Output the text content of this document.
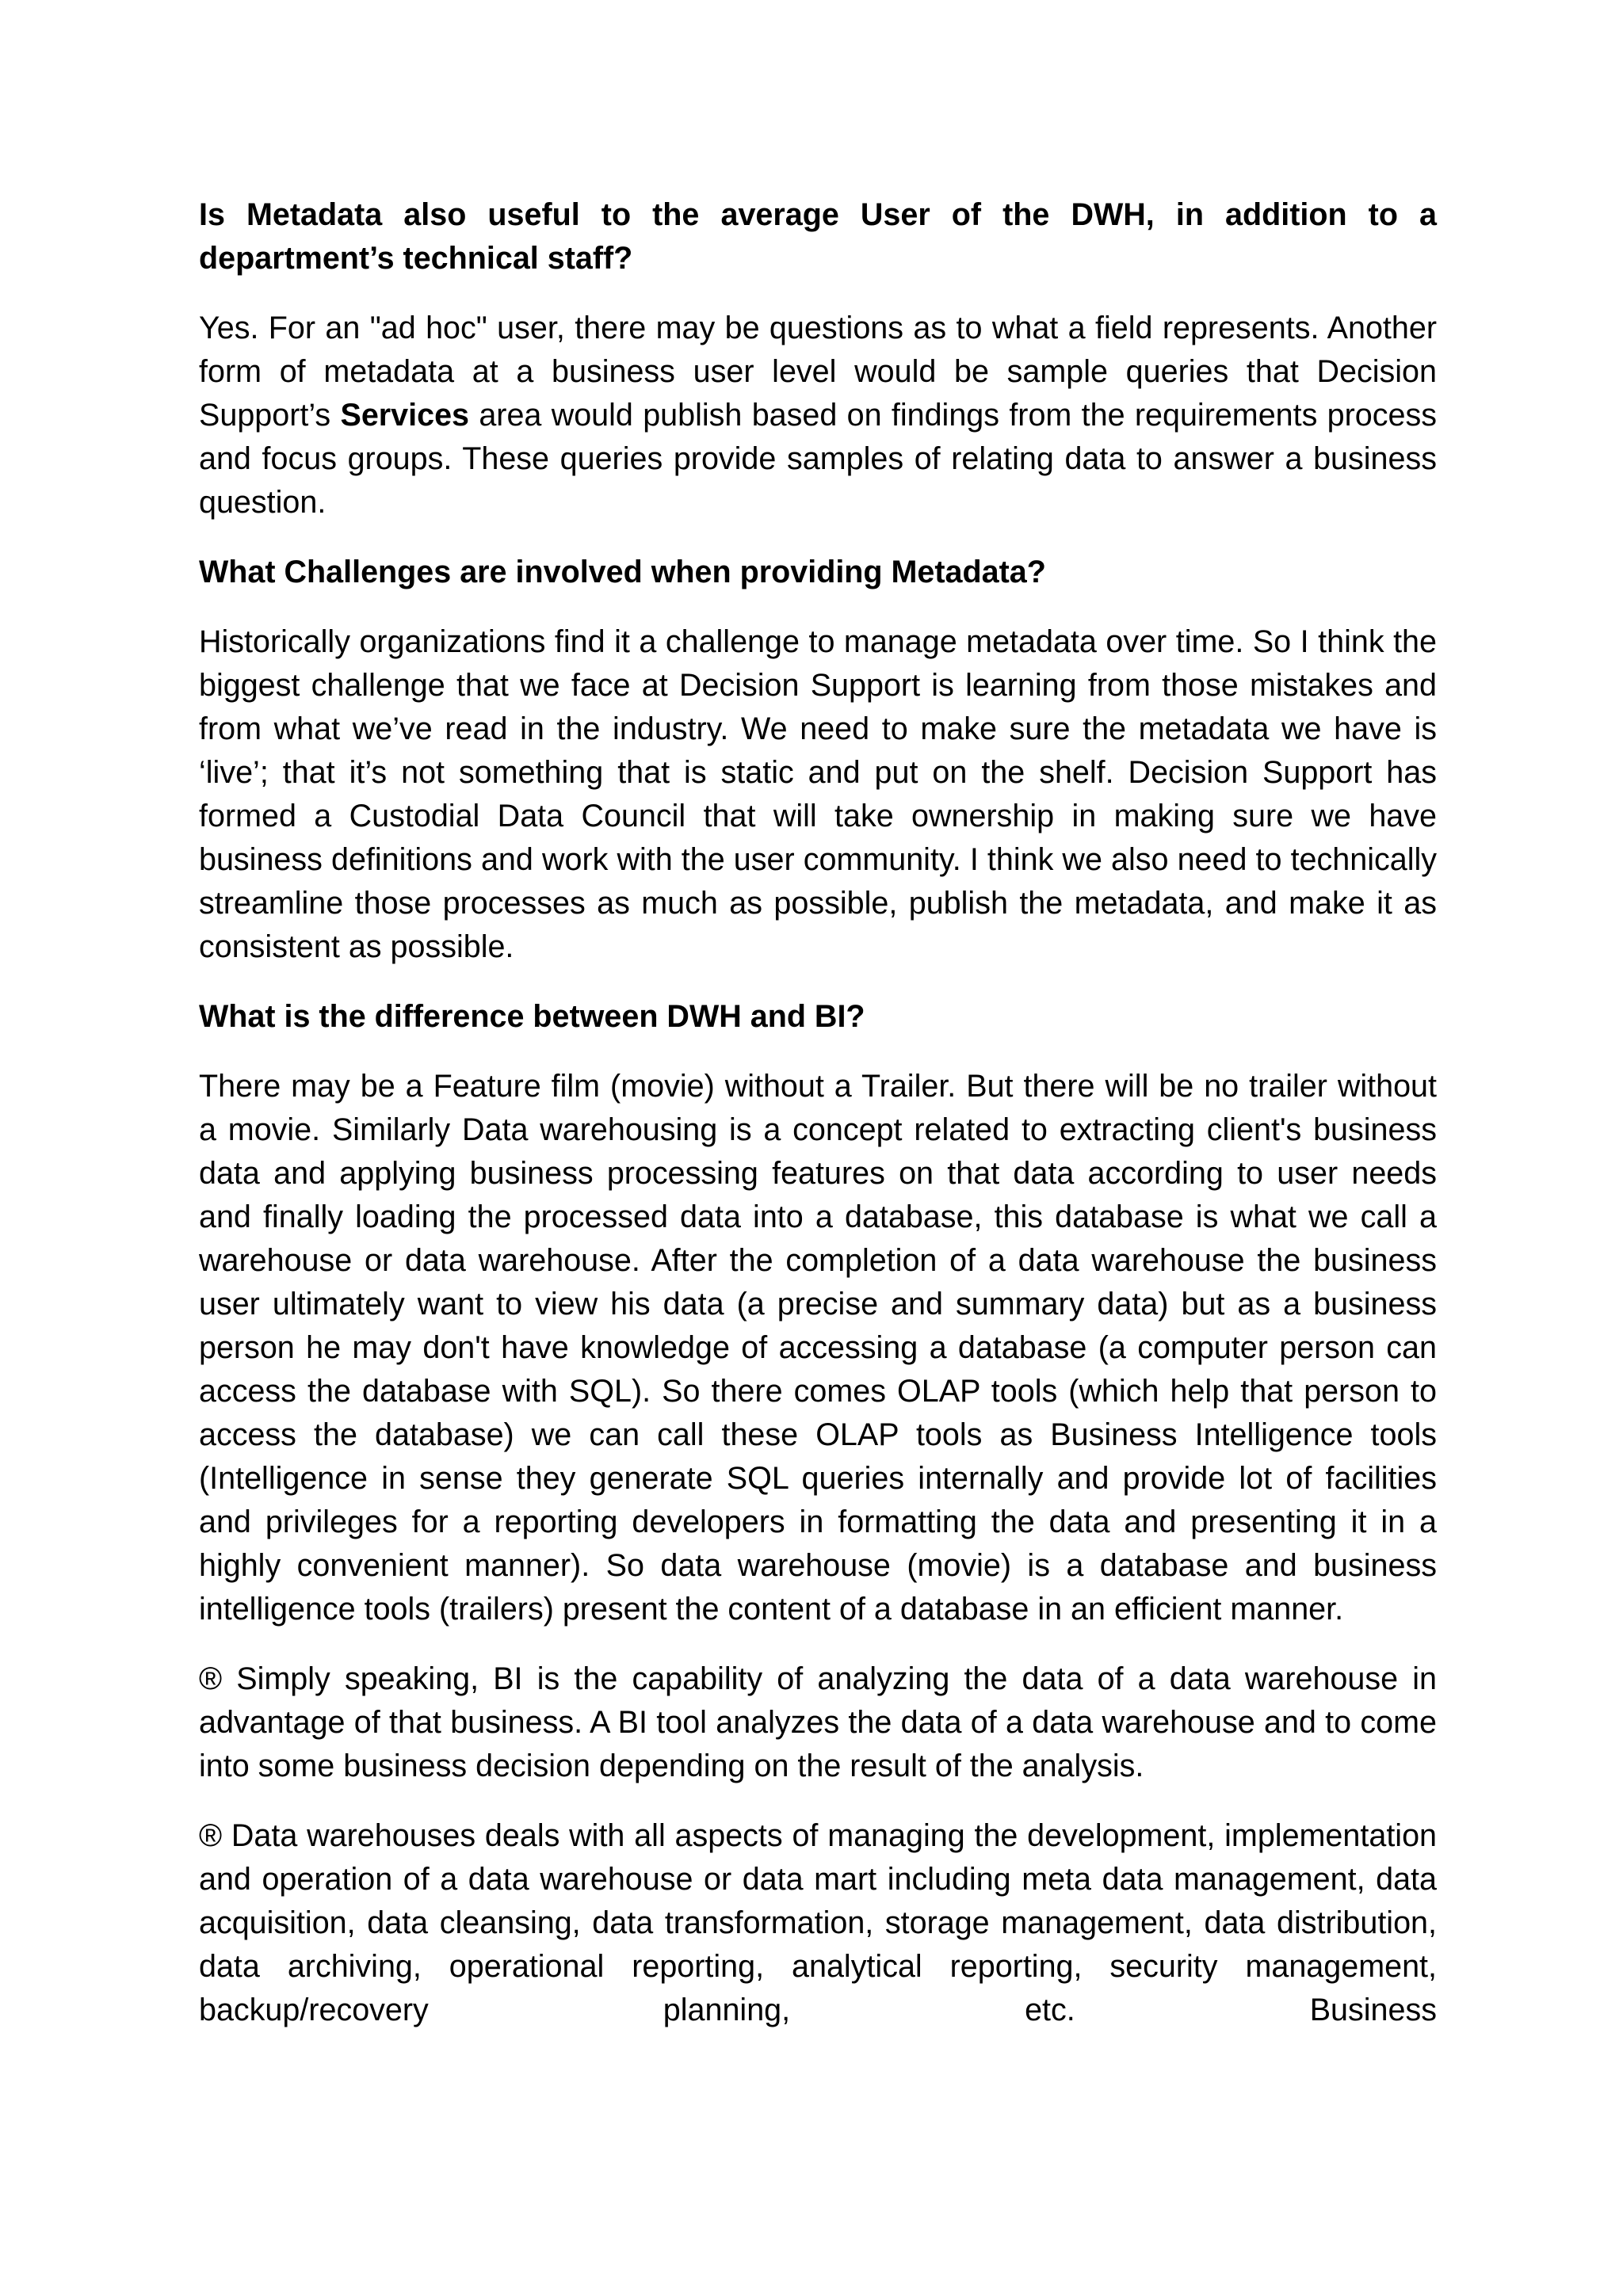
Is Metadata also useful to the average User of the DWH, in addition to a department’s technical staff?

Yes. For an "ad hoc" user, there may be questions as to what a field represents. Another form of metadata at a business user level would be sample queries that Decision Support’s Services area would publish based on findings from the requirements process and focus groups. These queries provide samples of relating data to answer a business question.

What Challenges are involved when providing Metadata?

Historically organizations find it a challenge to manage metadata over time. So I think the biggest challenge that we face at Decision Support is learning from those mistakes and from what we’ve read in the industry. We need to make sure the metadata we have is ‘live’; that it’s not something that is static and put on the shelf. Decision Support has formed a Custodial Data Council that will take ownership in making sure we have business definitions and work with the user community. I think we also need to technically streamline those processes as much as possible, publish the metadata, and make it as consistent as possible.

What is the difference between DWH and BI?

There may be a Feature film (movie) without a Trailer. But there will be no trailer without a movie. Similarly Data warehousing is a concept related to extracting client's business data and applying business processing features on that data according to user needs and finally loading the processed data into a database, this database is what we call a warehouse or data warehouse. After the completion of a data warehouse the business user ultimately want to view his data (a precise and summary data) but as a business person he may don't have knowledge of accessing a database (a computer person can access the database with SQL). So there comes OLAP tools (which help that person to access the database) we can call these OLAP tools as Business Intelligence tools (Intelligence in sense they generate SQL queries internally and provide lot of facilities and privileges for a reporting developers in formatting the data and presenting it in a highly convenient manner). So data warehouse (movie) is a database and business intelligence tools (trailers) present the content of a database in an efficient manner.

® Simply speaking, BI is the capability of analyzing the data of a data warehouse in advantage of that business. A BI tool analyzes the data of a data warehouse and to come into some business decision depending on the result of the analysis.

® Data warehouses deals with all aspects of managing the development, implementation and operation of a data warehouse or data mart including meta data management, data acquisition, data cleansing, data transformation, storage management, data distribution, data archiving, operational reporting, analytical reporting, security management, backup/recovery planning, etc. Business
